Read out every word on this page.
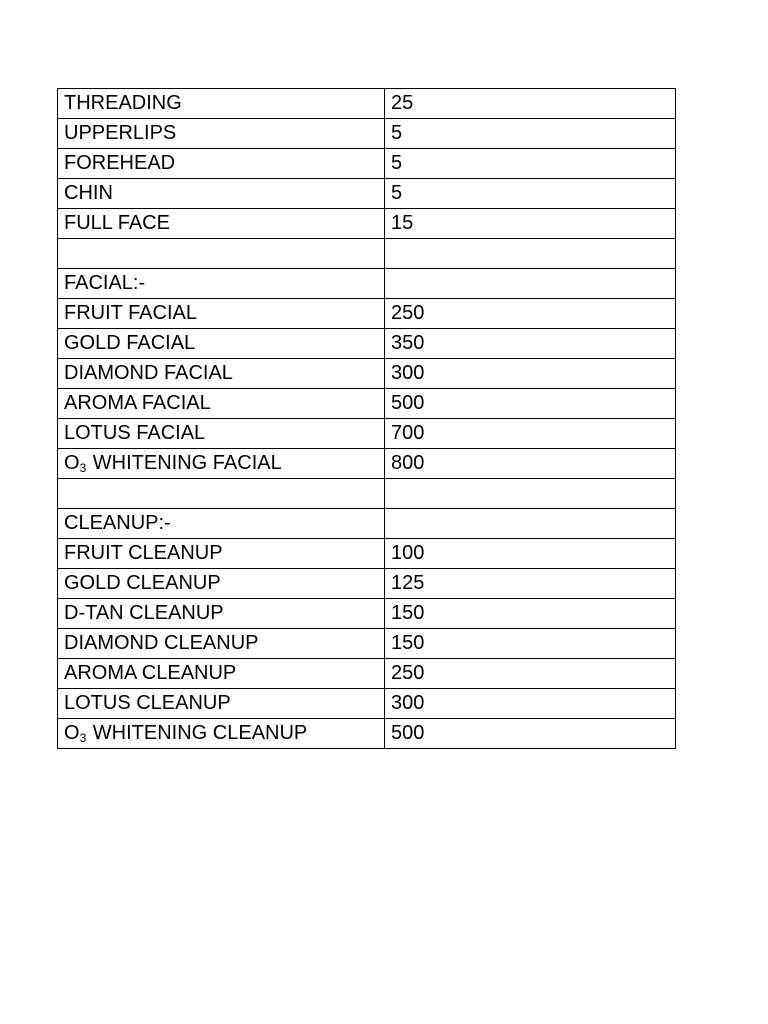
THREADING	25
UPPERLIPS	5
FOREHEAD	5
CHIN	5
FULL FACE	15

FACIAL:-	
FRUIT FACIAL	250
GOLD FACIAL	350
DIAMOND FACIAL	300
AROMA FACIAL	500
LOTUS FACIAL	700
$O_3$ WHITENING FACIAL	800

CLEANUP:-	
FRUIT CLEANUP	100
GOLD CLEANUP	125
D-TAN CLEANUP	150
DIAMOND CLEANUP	150
AROMA CLEANUP	250
LOTUS CLEANUP	300
$O_3$ WHITENING CLEANUP	500
